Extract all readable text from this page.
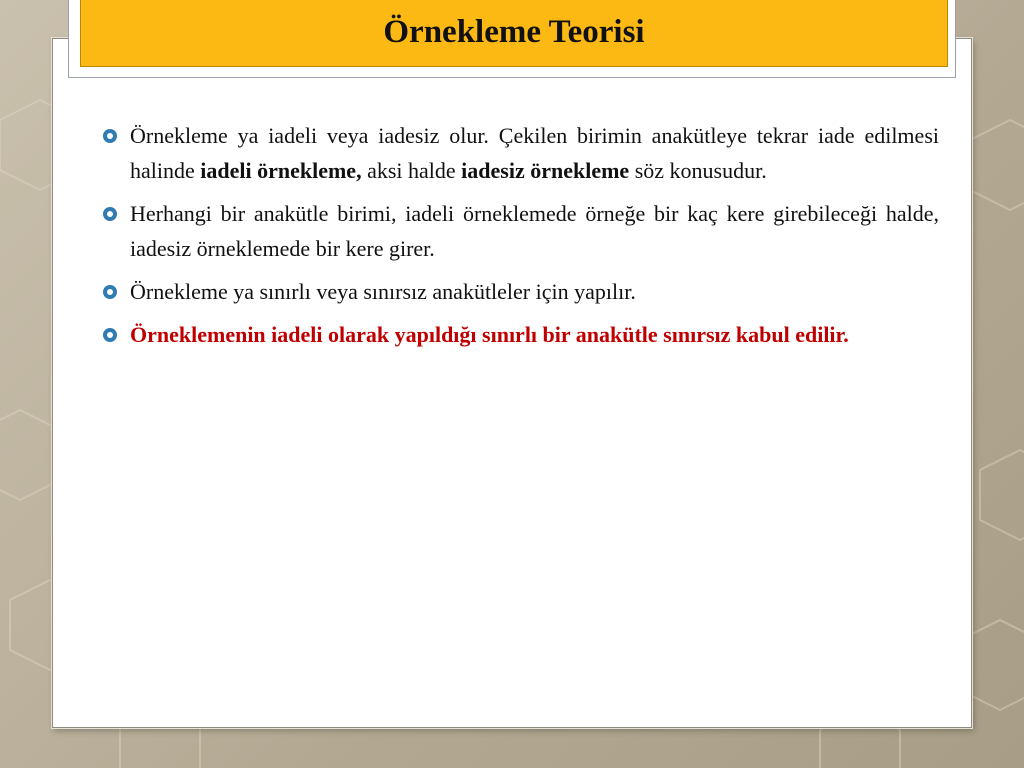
Örnekleme Teorisi
Örnekleme ya iadeli veya iadesiz olur. Çekilen birimin anakütleye tekrar iade edilmesi halinde iadeli örnekleme, aksi halde iadesiz örnekleme söz konusudur.
Herhangi bir anakütle birimi, iadeli örneklemede örneğe bir kaç kere girebileceği halde, iadesiz örneklemede bir kere girer.
Örnekleme ya sınırlı veya sınırsız anakütleler için yapılır.
Örneklemenin iadeli olarak yapıldığı sınırlı bir anakütle sınırsız kabul edilir.
